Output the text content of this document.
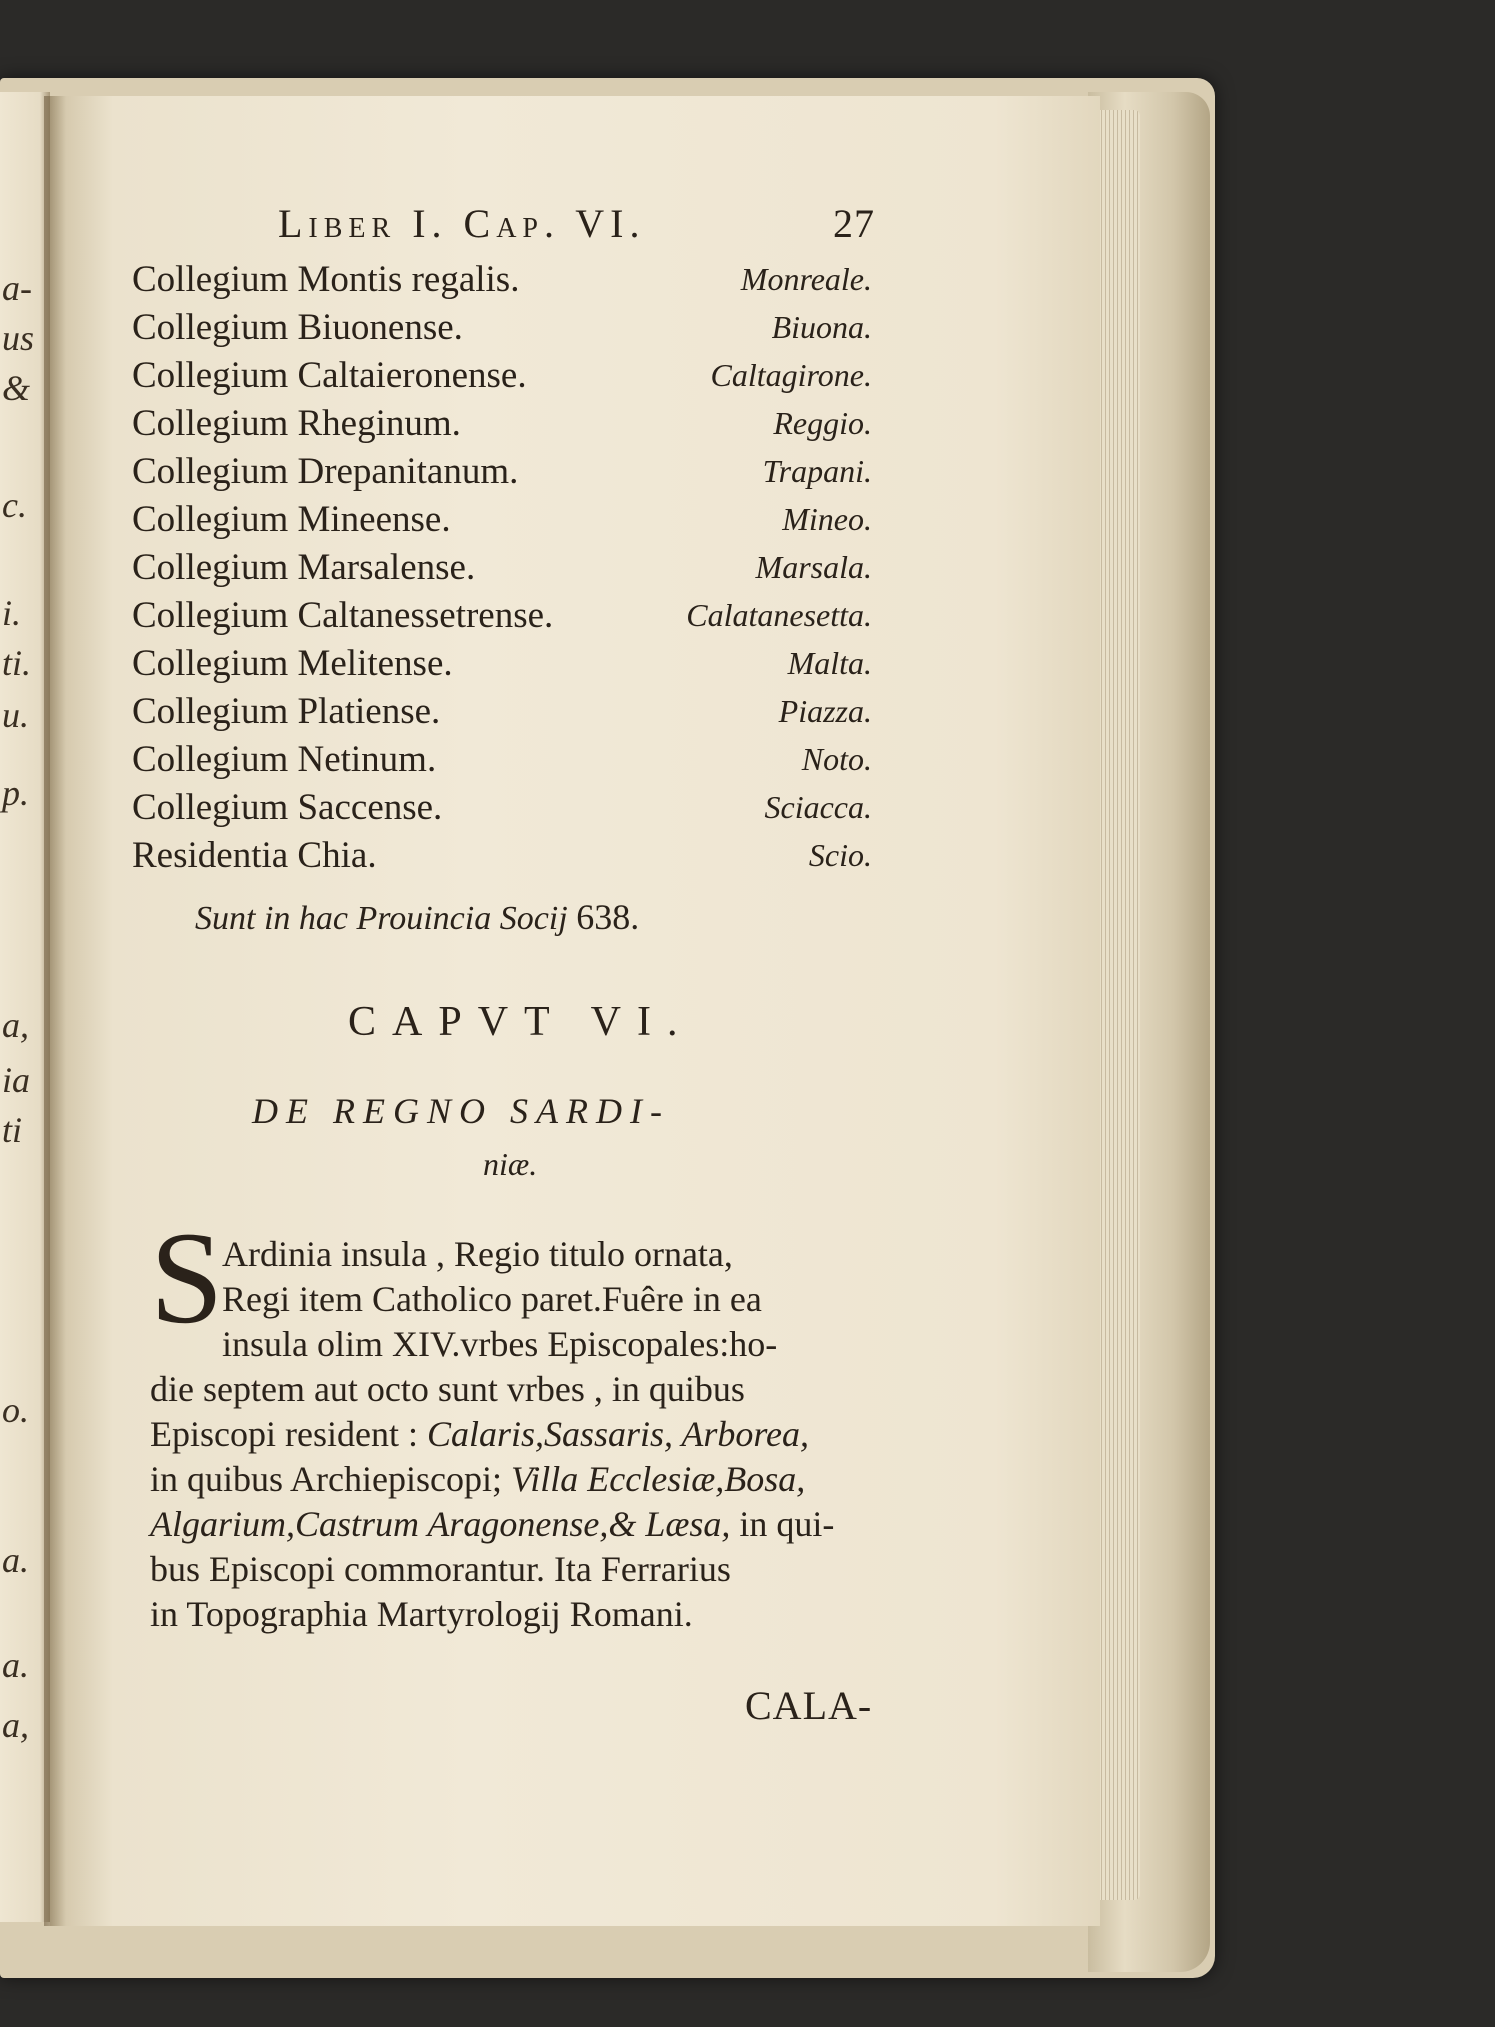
a-
us
&
c.
i.
ti.
u.
p.
a,
ia
ti
o.
a.
a.
a,
Liber I. Cap. VI.	27
Collegium Montis regalis.	Monreale.
Collegium Biuonense.	Biuona.
Collegium Caltaieronense.	Caltagirone.
Collegium Rheginum.	Reggio.
Collegium Drepanitanum.	Trapani.
Collegium Mineense.	Mineo.
Collegium Marsalense.	Marsala.
Collegium Caltanessetrense.	Calatanesetta.
Collegium Melitense.	Malta.
Collegium Platiense.	Piazza.
Collegium Netinum.	Noto.
Collegium Saccense.	Sciacca.
Residentia Chia.	Scio.
Sunt in hac Prouincia Socij 638.
CAPVT VI.
DE REGNO SARDI-
niæ.
S
Ardinia insula , Regio titulo ornata,
Regi item Catholico paret.Fuêre in ea
insula olim XIV.vrbes Episcopales:ho-
die septem aut octo sunt vrbes , in quibus
Episcopi resident : Calaris,Sassaris, Arborea,
in quibus Archiepiscopi; Villa Ecclesiæ,Bosa,
Algarium,Castrum Aragonense,& Læsa, in qui-
bus Episcopi commorantur. Ita Ferrarius
in Topographia Martyrologij Romani.
CALA-
